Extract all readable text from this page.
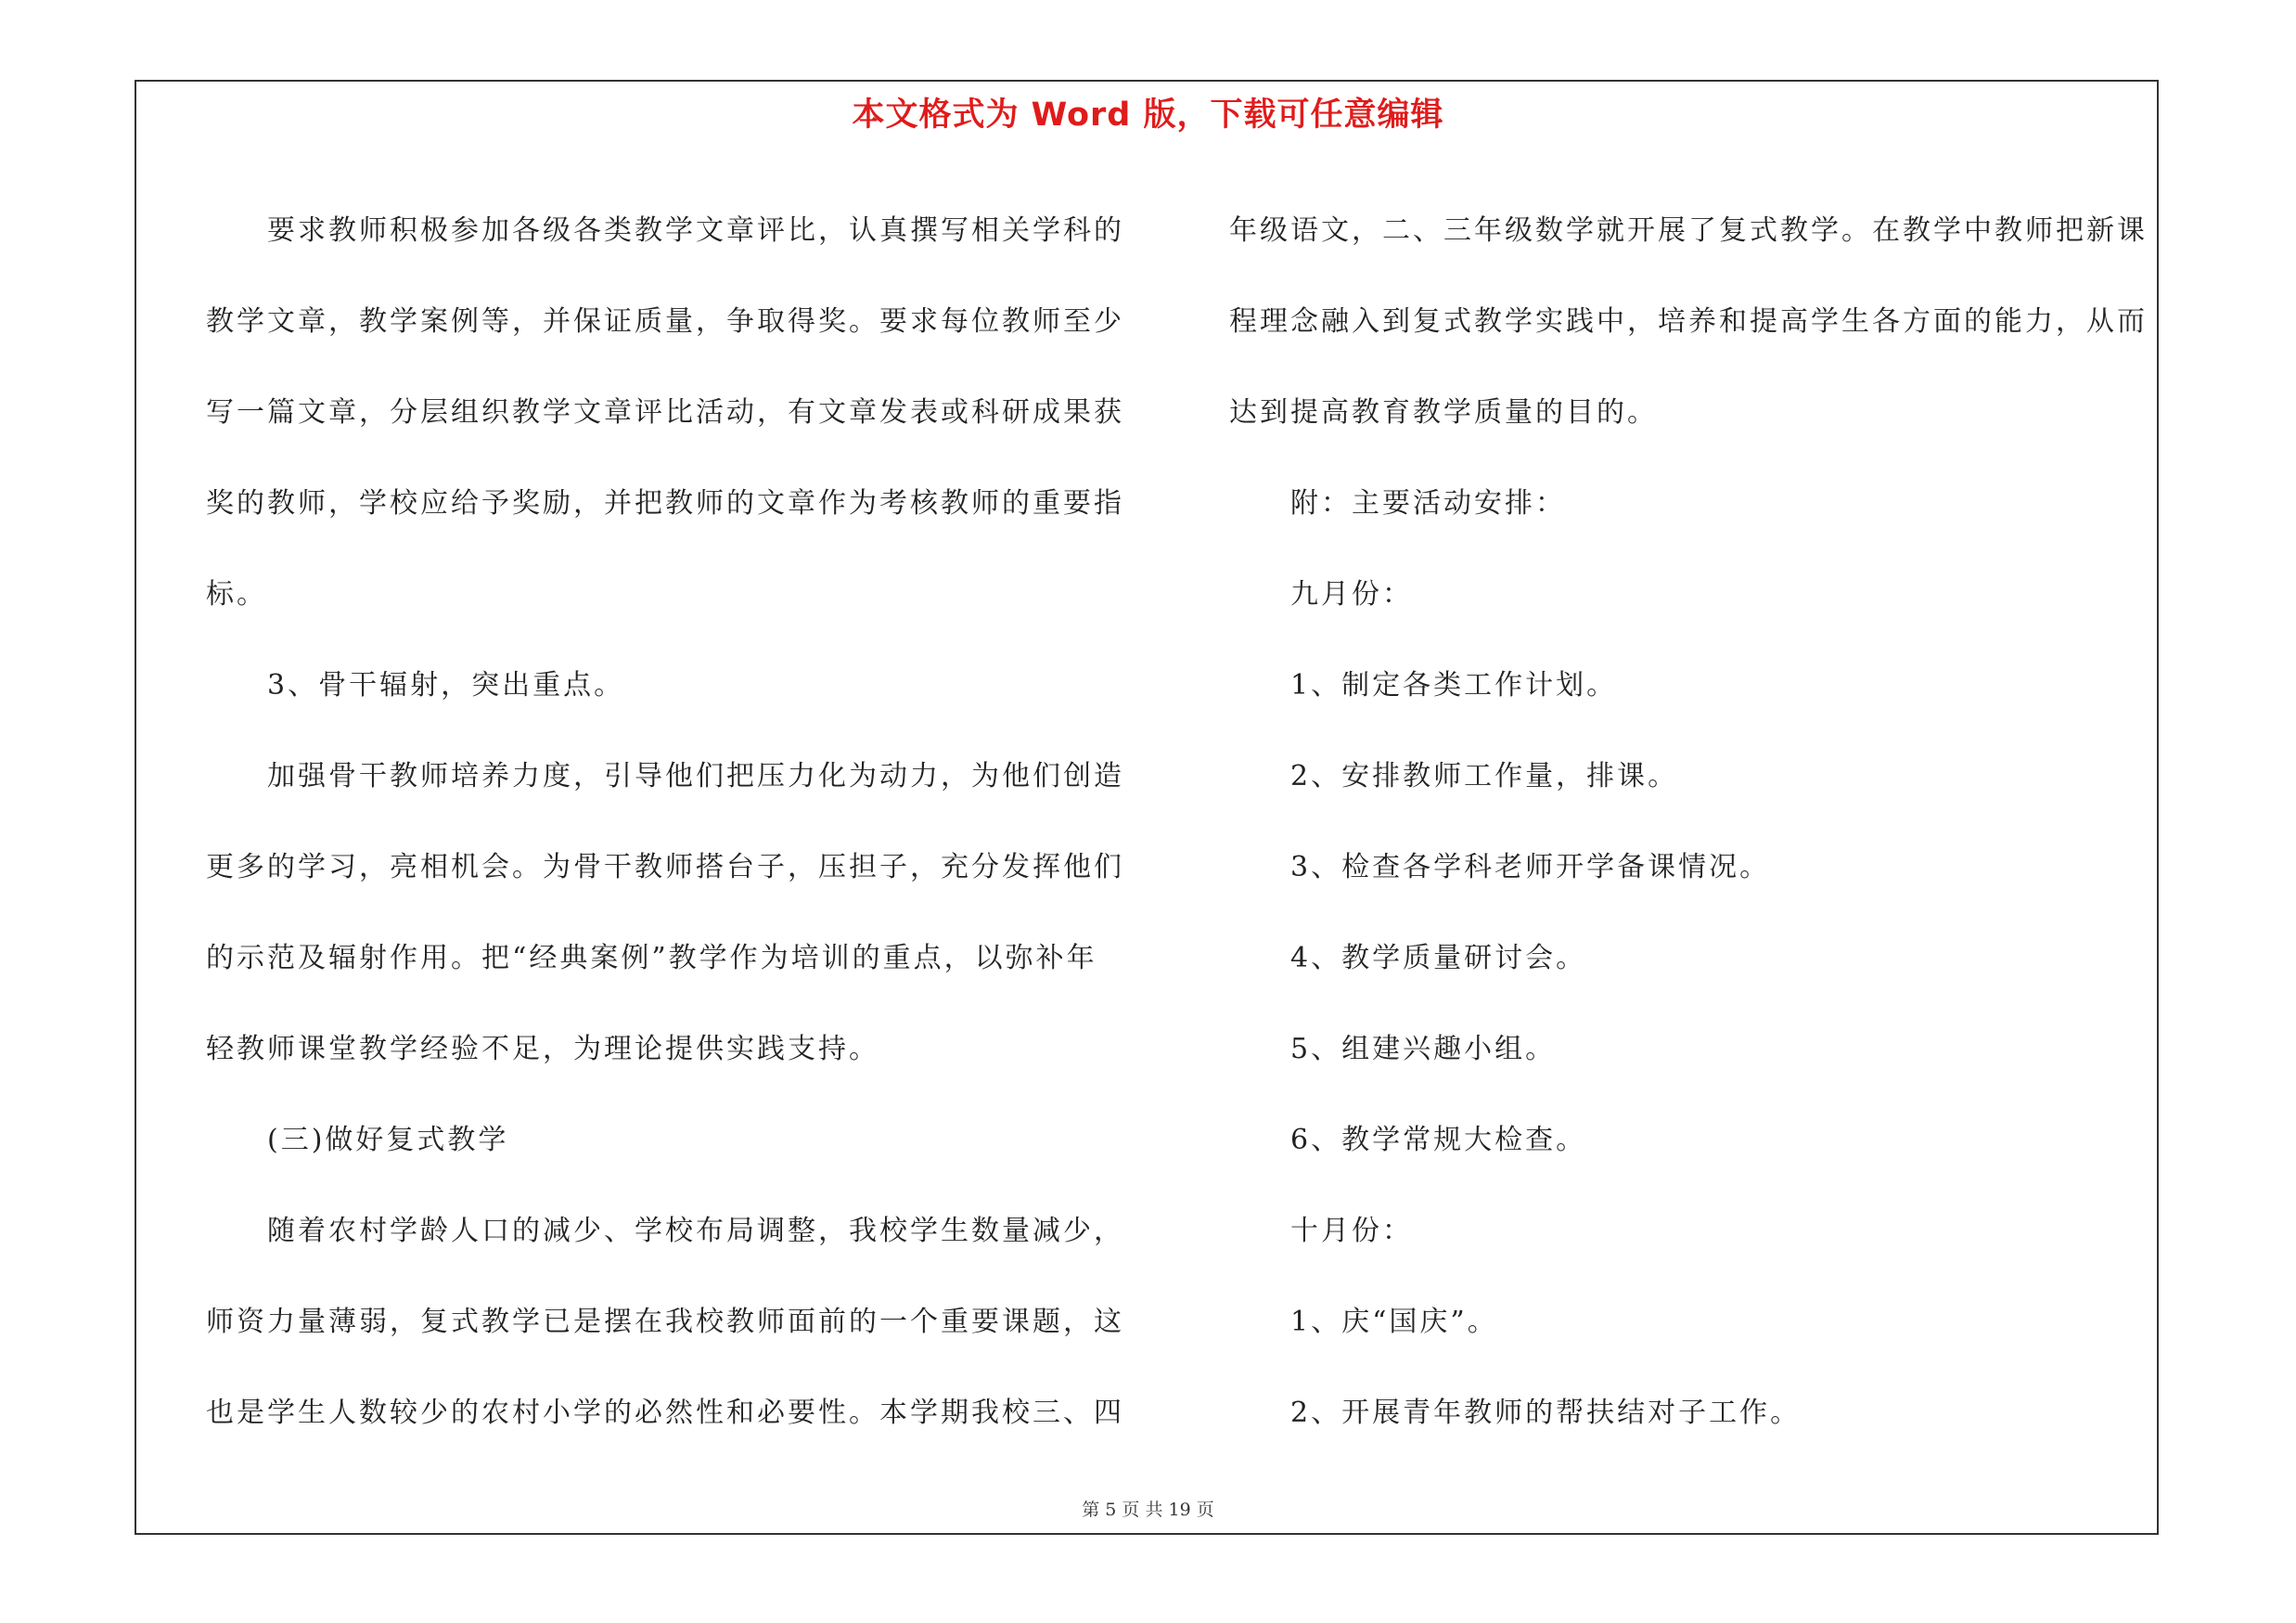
本文格式为 Word 版，下载可任意编辑

　　要求教师积极参加各级各类教学文章评比，认真撰写相关学科的

教学文章，教学案例等，并保证质量，争取得奖。要求每位教师至少

写一篇文章，分层组织教学文章评比活动，有文章发表或科研成果获

奖的教师，学校应给予奖励，并把教师的文章作为考核教师的重要指

标。

　　3、骨干辐射，突出重点。

　　加强骨干教师培养力度，引导他们把压力化为动力，为他们创造

更多的学习，亮相机会。为骨干教师搭台子，压担子，充分发挥他们

的示范及辐射作用。把“经典案例”教学作为培训的重点，以弥补年

轻教师课堂教学经验不足，为理论提供实践支持。

　　(三)做好复式教学

　　随着农村学龄人口的减少、学校布局调整，我校学生数量减少，

师资力量薄弱，复式教学已是摆在我校教师面前的一个重要课题，这

也是学生人数较少的农村小学的必然性和必要性。本学期我校三、四

年级语文，二、三年级数学就开展了复式教学。在教学中教师把新课

程理念融入到复式教学实践中，培养和提高学生各方面的能力，从而

达到提高教育教学质量的目的。

　　附：主要活动安排：

　　九月份：

　　1、制定各类工作计划。

　　2、安排教师工作量，排课。

　　3、检查各学科老师开学备课情况。

　　4、教学质量研讨会。

　　5、组建兴趣小组。

　　6、教学常规大检查。

　　十月份：

　　1、庆“国庆”。

　　2、开展青年教师的帮扶结对子工作。

第 5 页 共 19 页
